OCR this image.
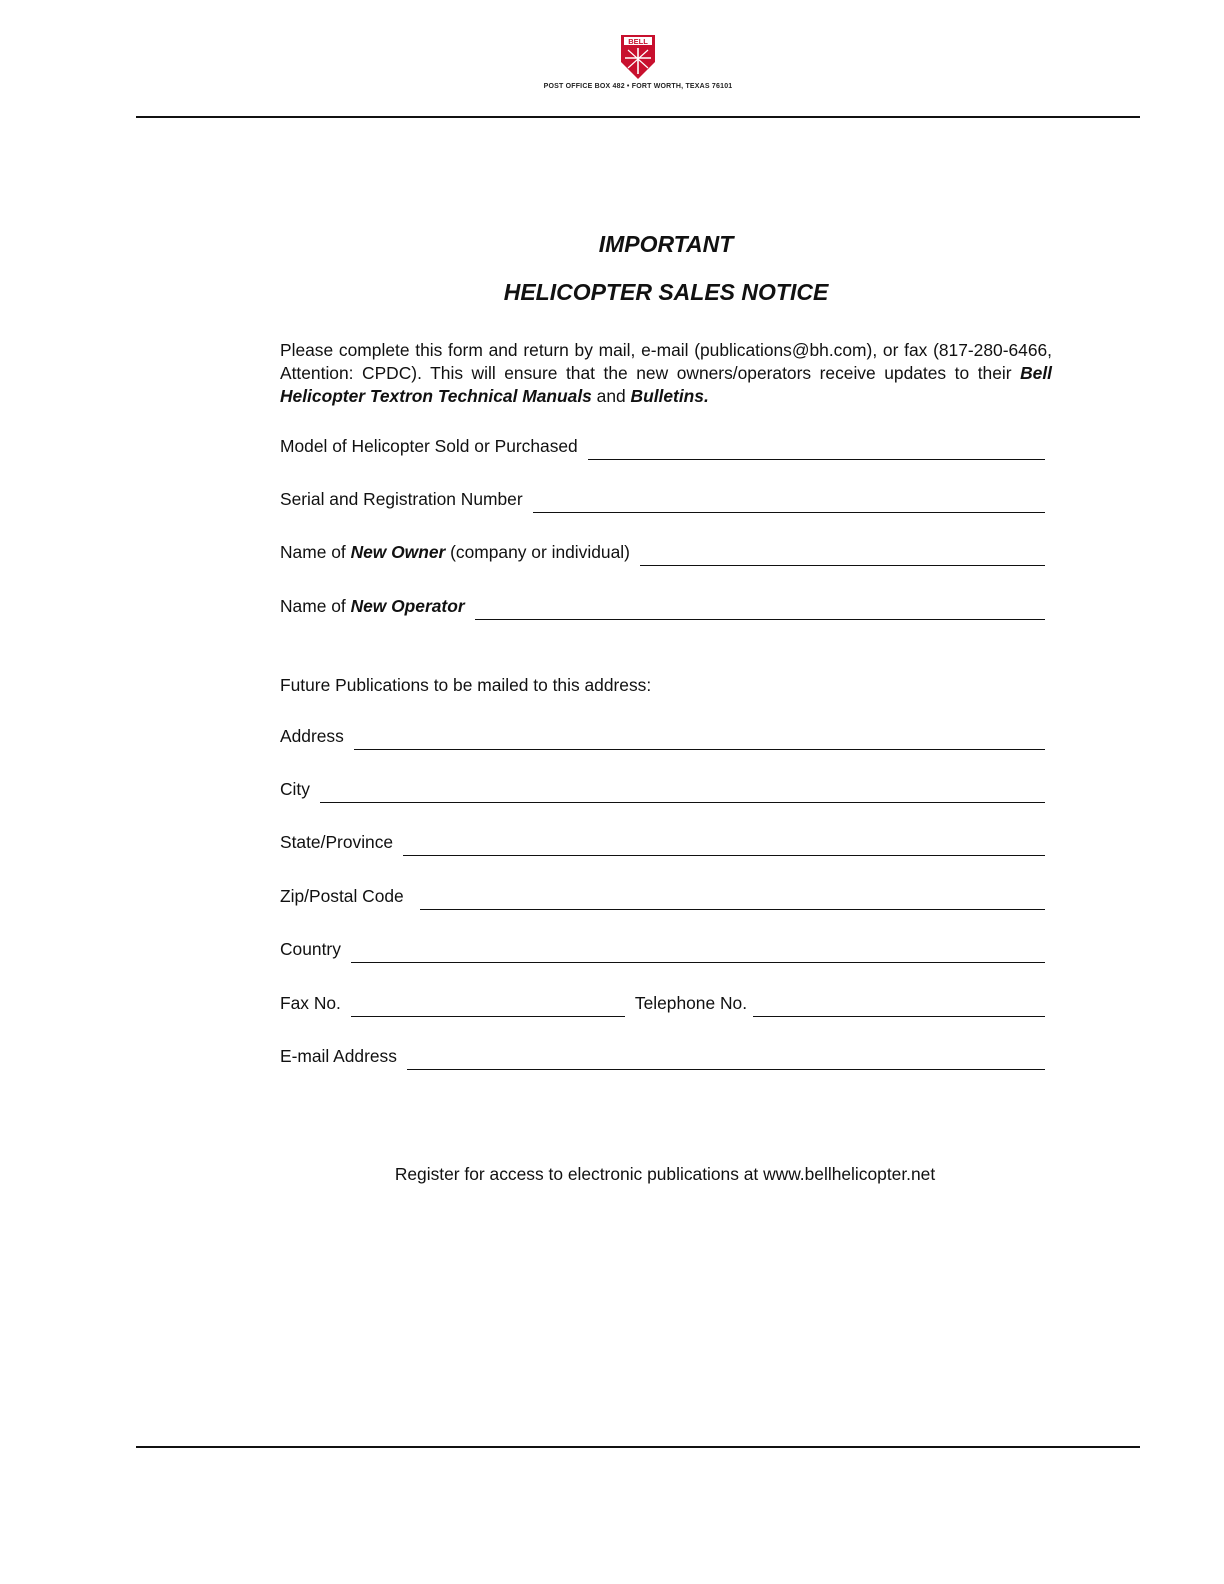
BELL
POST OFFICE BOX 482 • FORT WORTH, TEXAS 76101
IMPORTANT
HELICOPTER SALES NOTICE
Please complete this form and return by mail, e-mail (publications@bh.com), or fax (817-280-6466, Attention: CPDC). This will ensure that the new owners/operators receive updates to their Bell Helicopter Textron Technical Manuals and Bulletins.
Model of Helicopter Sold or Purchased
Serial and Registration Number
Name of New Owner (company or individual)
Name of New Operator
Future Publications to be mailed to this address:
Address
City
State/Province
Zip/Postal Code
Country
Fax No.	Telephone No.
E-mail Address
Register for access to electronic publications at www.bellhelicopter.net
